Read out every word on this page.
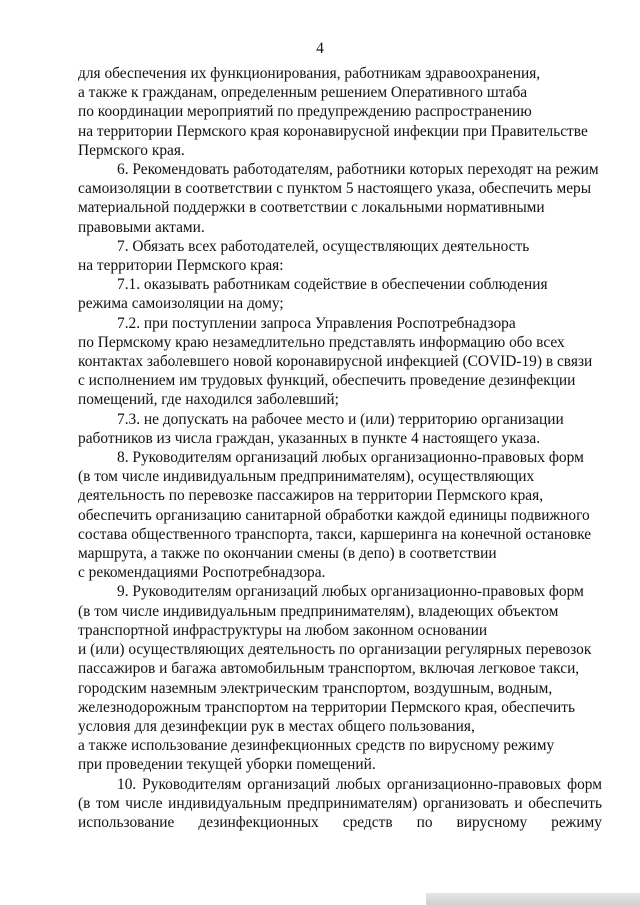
4

для обеспечения их функционирования, работникам здравоохранения,
а также к гражданам, определенным решением Оперативного штаба
по координации мероприятий по предупреждению распространению
на территории Пермского края коронавирусной инфекции при Правительстве
Пермского края.

6. Рекомендовать работодателям, работники которых переходят на режим
самоизоляции в соответствии с пунктом 5 настоящего указа, обеспечить меры
материальной поддержки в соответствии с локальными нормативными
правовыми актами.

7. Обязать всех работодателей, осуществляющих деятельность
на территории Пермского края:

7.1. оказывать работникам содействие в обеспечении соблюдения
режима самоизоляции на дому;

7.2. при поступлении запроса Управления Роспотребнадзора
по Пермскому краю незамедлительно представлять информацию обо всех
контактах заболевшего новой коронавирусной инфекцией (COVID-19) в связи
с исполнением им трудовых функций, обеспечить проведение дезинфекции
помещений, где находился заболевший;

7.3. не допускать на рабочее место и (или) территорию организации
работников из числа граждан, указанных в пункте 4 настоящего указа.

8. Руководителям организаций любых организационно-правовых форм
(в том числе индивидуальным предпринимателям), осуществляющих
деятельность по перевозке пассажиров на территории Пермского края,
обеспечить организацию санитарной обработки каждой единицы подвижного
состава общественного транспорта, такси, каршеринга на конечной остановке
маршрута, а также по окончании смены (в депо) в соответствии
с рекомендациями Роспотребнадзора.

9. Руководителям организаций любых организационно-правовых форм
(в том числе индивидуальным предпринимателям), владеющих объектом
транспортной инфраструктуры на любом законном основании
и (или) осуществляющих деятельность по организации регулярных перевозок
пассажиров и багажа автомобильным транспортом, включая легковое такси,
городским наземным электрическим транспортом, воздушным, водным,
железнодорожным транспортом на территории Пермского края, обеспечить
условия для дезинфекции рук в местах общего пользования,
а также использование дезинфекционных средств по вирусному режиму
при проведении текущей уборки помещений.

10. Руководителям организаций любых организационно-правовых форм
(в том числе индивидуальным предпринимателям) организовать и обеспечить
использование дезинфекционных средств по вирусному режиму
